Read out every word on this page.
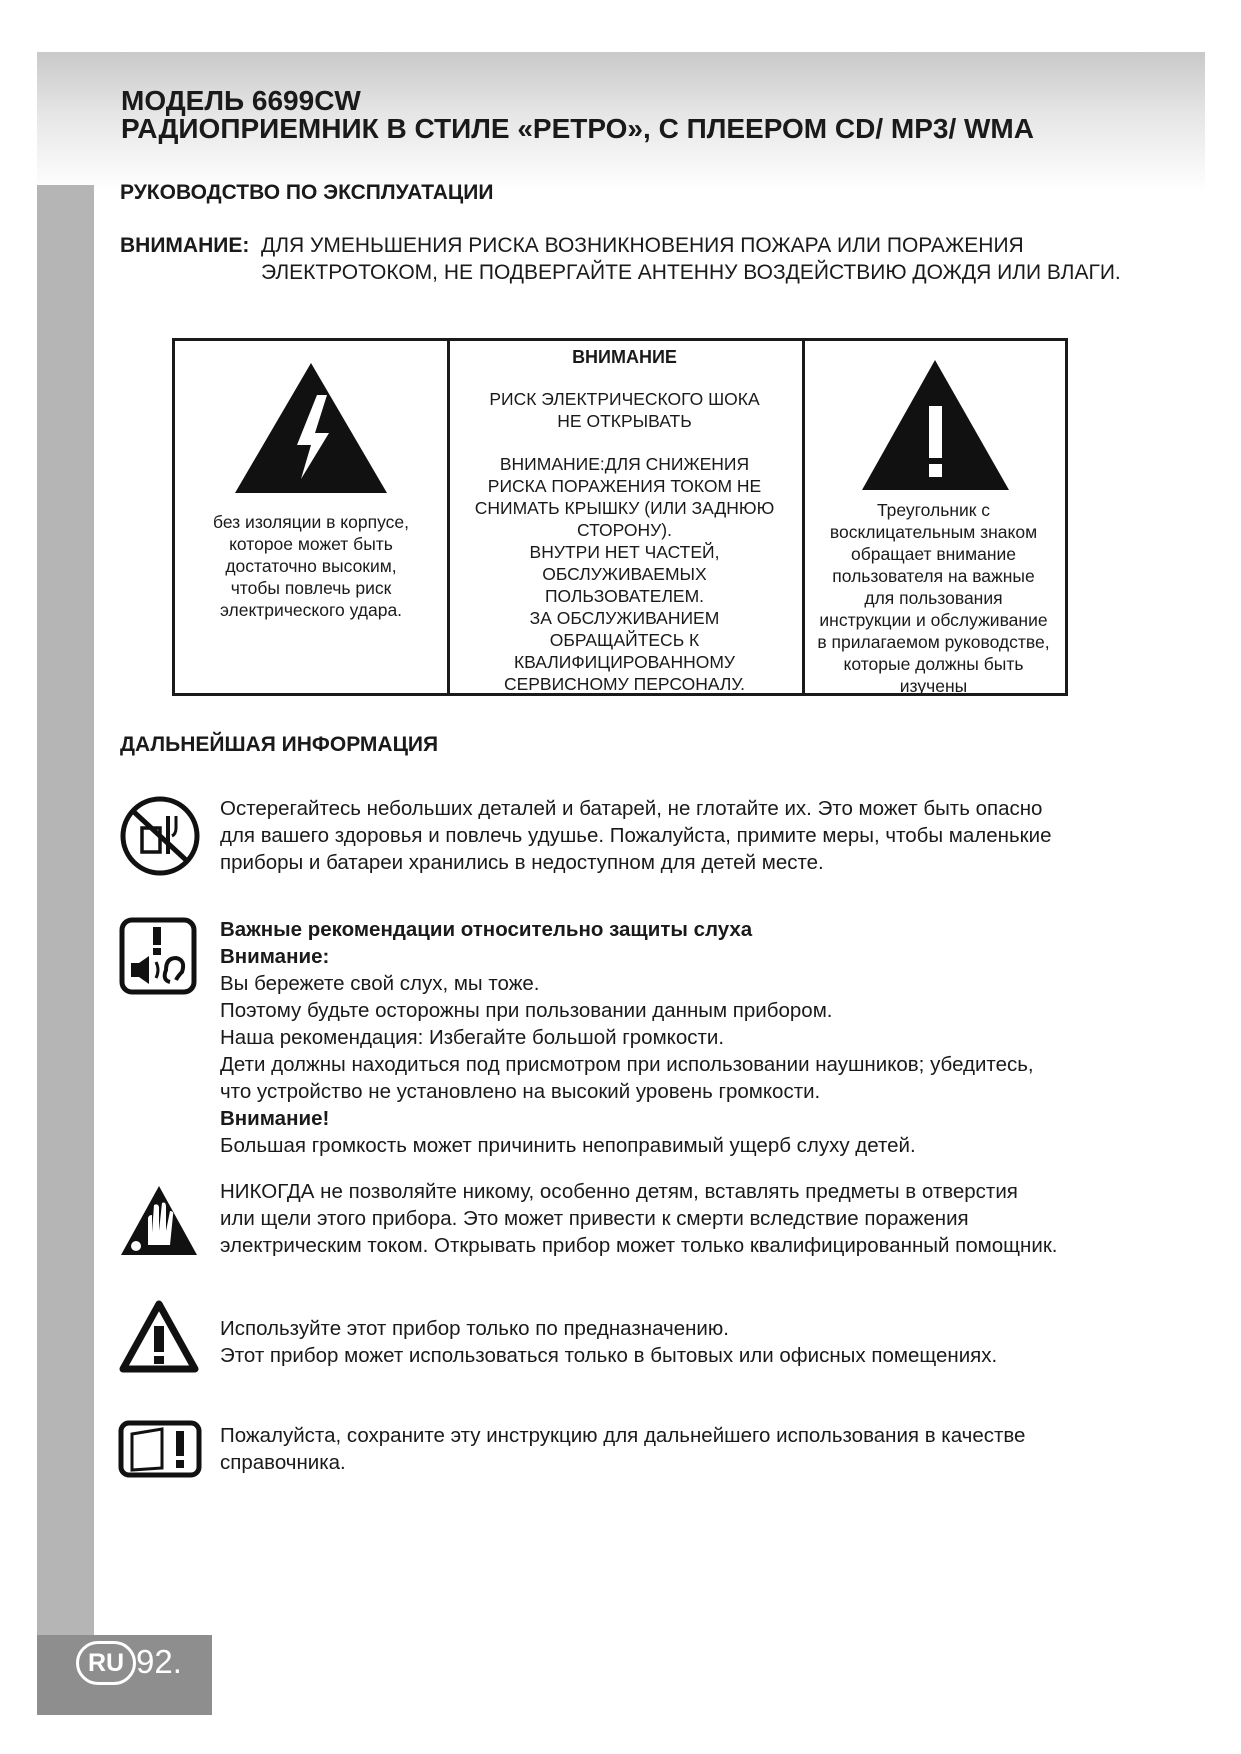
RU 92.
МОДЕЛЬ 6699CW
РАДИОПРИЕМНИК В СТИЛЕ «РЕТРО», С ПЛЕЕРОМ CD/ MP3/ WMA
РУКОВОДСТВО ПО ЭКСПЛУАТАЦИИ
ВНИМАНИЕ: ДЛЯ УМЕНЬШЕНИЯ РИСКА ВОЗНИКНОВЕНИЯ ПОЖАРА ИЛИ ПОРАЖЕНИЯ ЭЛЕКТРОТОКОМ, НЕ ПОДВЕРГАЙТЕ АНТЕННУ ВОЗДЕЙСТВИЮ ДОЖДЯ ИЛИ ВЛАГИ.
без изоляции в корпусе,
которое может быть
достаточно высоким,
чтобы повлечь риск
электрического удара.
ВНИМАНИЕ
РИСК ЭЛЕКТРИЧЕСКОГО ШОКА
НЕ ОТКРЫВАТЬ
ВНИМАНИЕ:ДЛЯ СНИЖЕНИЯ
РИСКА ПОРАЖЕНИЯ ТОКОМ НЕ
СНИМАТЬ КРЫШКУ (ИЛИ ЗАДНЮЮ
СТОРОНУ).
ВНУТРИ НЕТ ЧАСТЕЙ,
ОБСЛУЖИВАЕМЫХ
ПОЛЬЗОВАТЕЛЕМ.
ЗА ОБСЛУЖИВАНИЕМ
ОБРАЩАЙТЕСЬ К
КВАЛИФИЦИРОВАННОМУ
СЕРВИСНОМУ ПЕРСОНАЛУ.
Треугольник с
восклицательным знаком
обращает внимание
пользователя на важные
для пользования
инструкции и обслуживание
в прилагаемом руководстве,
которые должны быть
изучены
ДАЛЬНЕЙШАЯ ИНФОРМАЦИЯ
Остерегайтесь небольших деталей и батарей, не глотайте их. Это может быть опасно
для вашего здоровья и повлечь удушье. Пожалуйста, примите меры, чтобы маленькие
приборы и батареи хранились в недоступном для детей месте.
Важные рекомендации относительно защиты слуха
Внимание:
Вы бережете свой слух, мы тоже.
Поэтому будьте осторожны при пользовании данным прибором.
Наша рекомендация: Избегайте большой громкости.
Дети должны находиться под присмотром при использовании наушников; убедитесь,
что устройство не установлено на высокий уровень громкости.
Внимание!
Большая громкость может причинить непоправимый ущерб слуху детей.
НИКОГДА не позволяйте никому, особенно детям, вставлять предметы в отверстия
или щели этого прибора. Это может привести к смерти вследствие поражения
электрическим током. Открывать прибор может только квалифицированный помощник.
Используйте этот прибор только по предназначению.
Этот прибор может использоваться только в бытовых или офисных помещениях.
Пожалуйста, сохраните эту инструкцию для дальнейшего использования в качестве
справочника.
